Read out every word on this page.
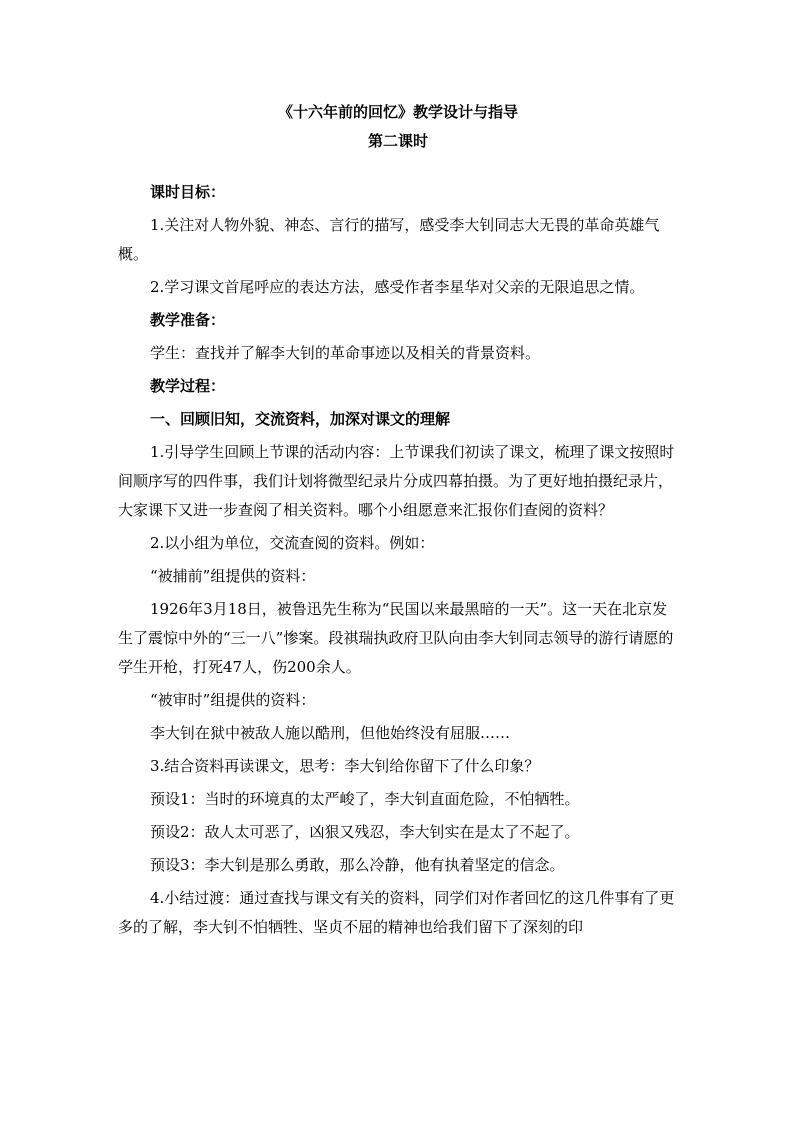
《十六年前的回忆》教学设计与指导
第二课时
课时目标：
1.关注对人物外貌、神态、言行的描写，感受李大钊同志大无畏的革命英雄气概。
2.学习课文首尾呼应的表达方法，感受作者李星华对父亲的无限追思之情。
教学准备：
学生：查找并了解李大钊的革命事迹以及相关的背景资料。
教学过程：
一、回顾旧知，交流资料，加深对课文的理解
1.引导学生回顾上节课的活动内容：上节课我们初读了课文，梳理了课文按照时间顺序写的四件事，我们计划将微型纪录片分成四幕拍摄。为了更好地拍摄纪录片，大家课下又进一步查阅了相关资料。哪个小组愿意来汇报你们查阅的资料？
2.以小组为单位，交流查阅的资料。例如：
“被捕前”组提供的资料：
1926年3月18日，被鲁迅先生称为“民国以来最黑暗的一天”。这一天在北京发生了震惊中外的“三一八”惨案。段祺瑞执政府卫队向由李大钊同志领导的游行请愿的学生开枪，打死47人，伤200余人。
“被审时”组提供的资料：
李大钊在狱中被敌人施以酷刑，但他始终没有屈服……
3.结合资料再读课文，思考：李大钊给你留下了什么印象？
预设1：当时的环境真的太严峻了，李大钊直面危险，不怕牺牲。
预设2：敌人太可恶了，凶狠又残忍，李大钊实在是太了不起了。
预设3：李大钊是那么勇敢，那么冷静，他有执着坚定的信念。
4.小结过渡：通过查找与课文有关的资料，同学们对作者回忆的这几件事有了更多的了解，李大钊不怕牺牲、坚贞不屈的精神也给我们留下了深刻的印
